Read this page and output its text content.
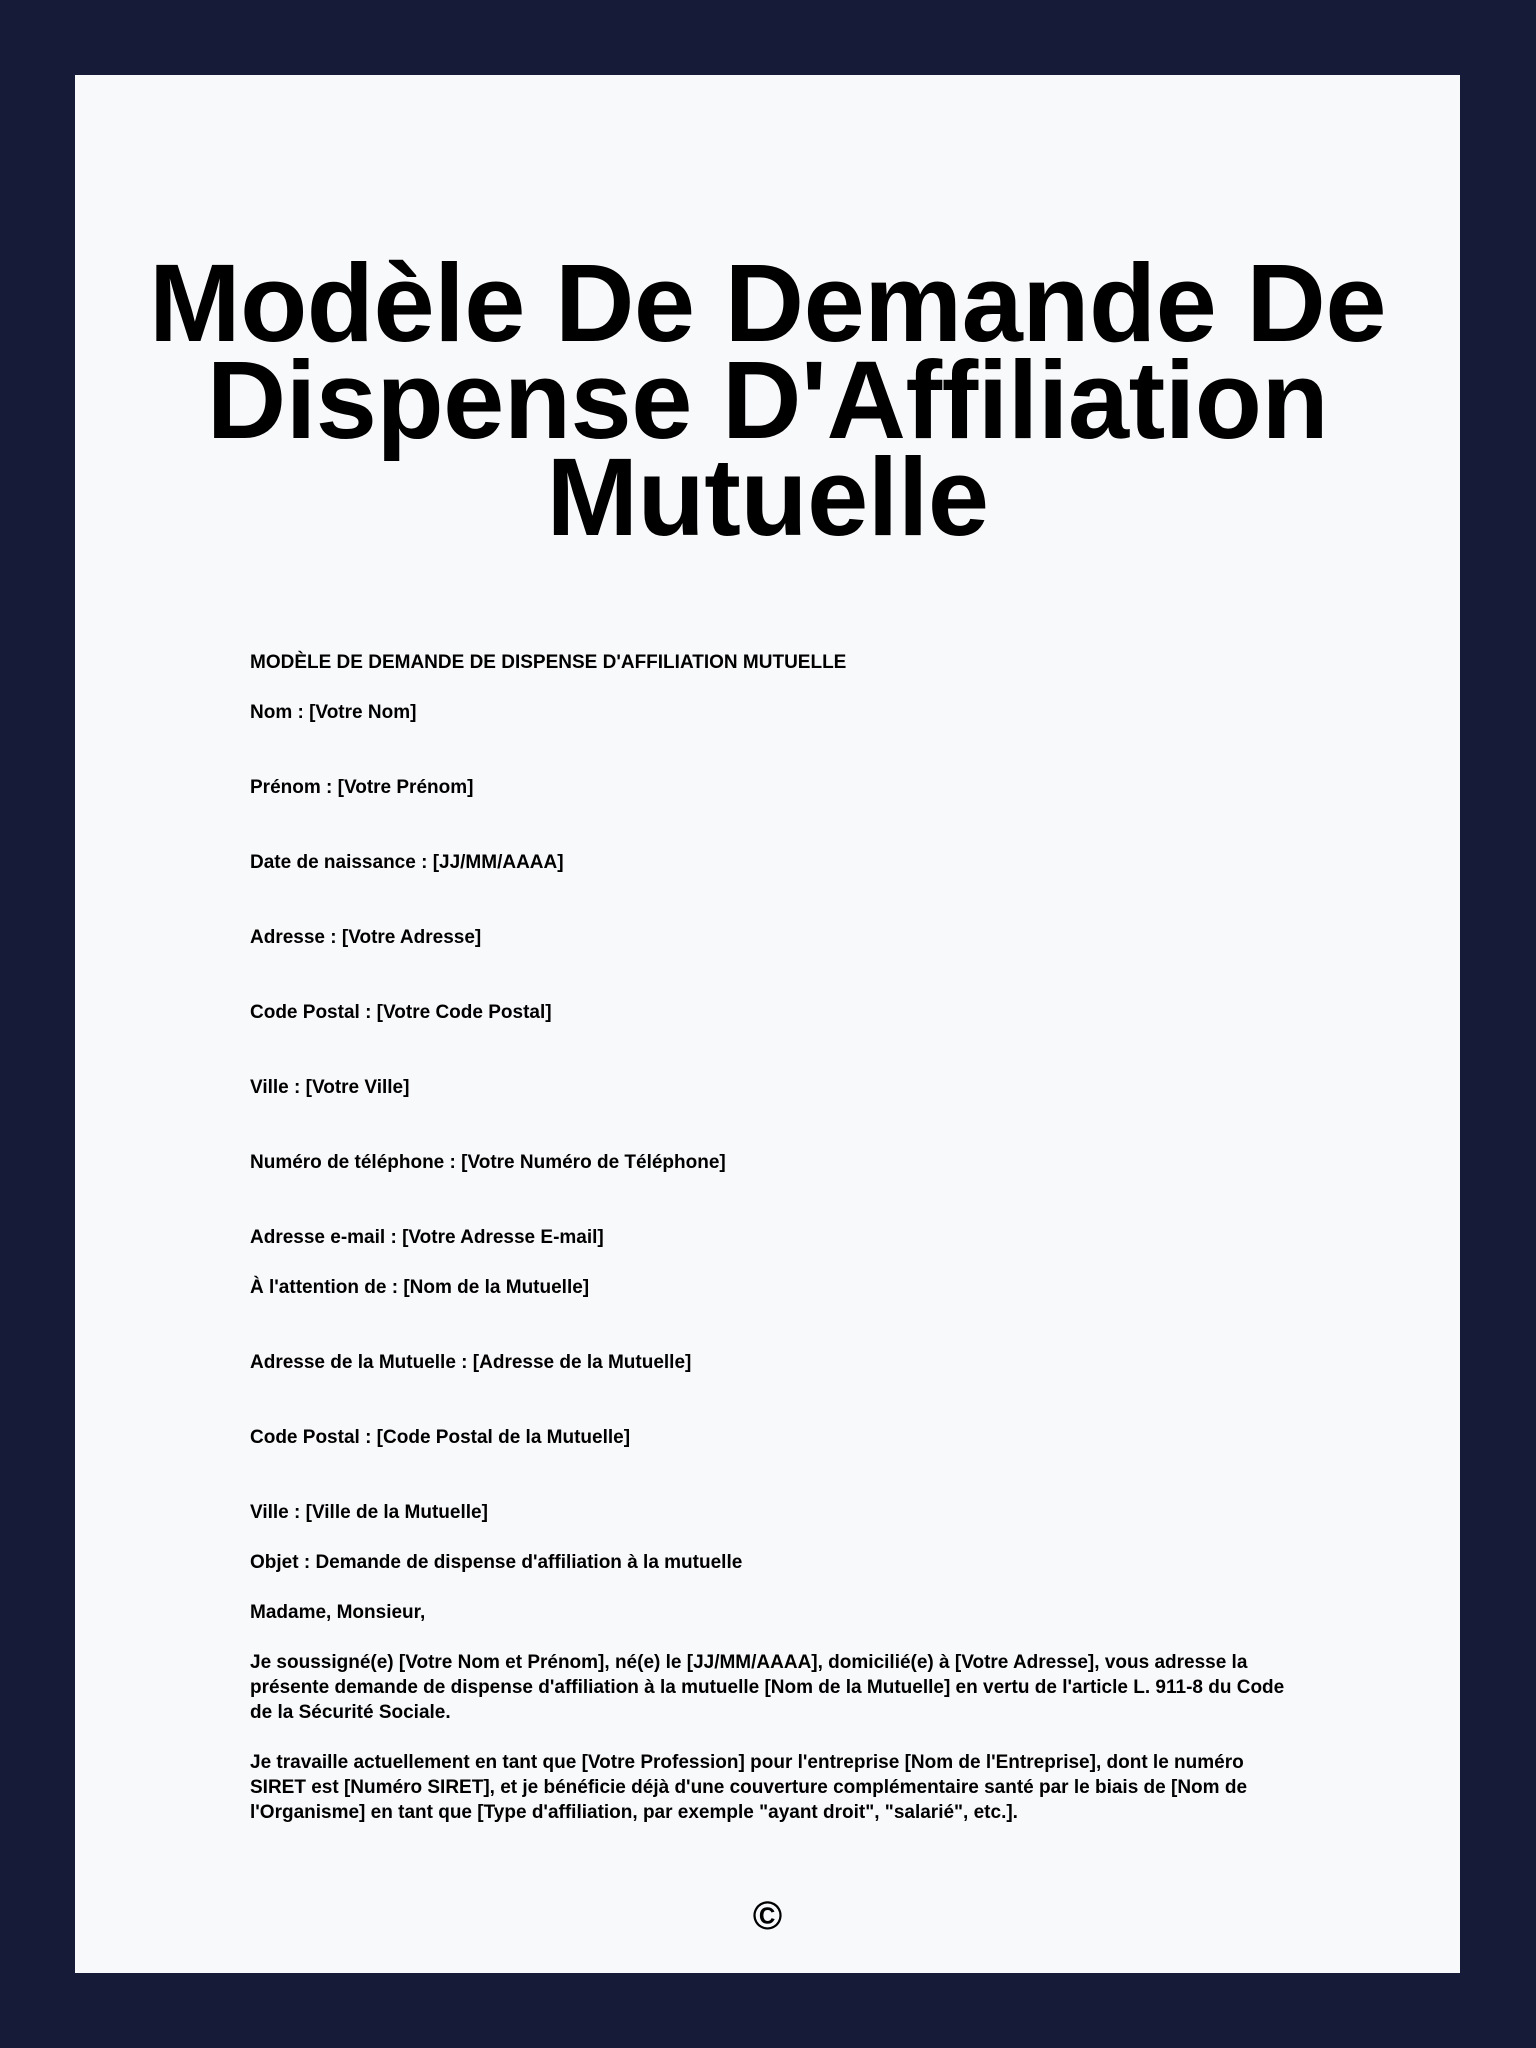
Modèle De Demande De
Dispense D'Affiliation
Mutuelle

MODÈLE DE DEMANDE DE DISPENSE D'AFFILIATION MUTUELLE

Nom : [Votre Nom]

Prénom : [Votre Prénom]

Date de naissance : [JJ/MM/AAAA]

Adresse : [Votre Adresse]

Code Postal : [Votre Code Postal]

Ville : [Votre Ville]

Numéro de téléphone : [Votre Numéro de Téléphone]

Adresse e-mail : [Votre Adresse E-mail]

À l'attention de : [Nom de la Mutuelle]

Adresse de la Mutuelle : [Adresse de la Mutuelle]

Code Postal : [Code Postal de la Mutuelle]

Ville : [Ville de la Mutuelle]

Objet : Demande de dispense d'affiliation à la mutuelle

Madame, Monsieur,

Je soussigné(e) [Votre Nom et Prénom], né(e) le [JJ/MM/AAAA], domicilié(e) à [Votre Adresse], vous adresse la présente demande de dispense d'affiliation à la mutuelle [Nom de la Mutuelle] en vertu de l'article L. 911-8 du Code de la Sécurité Sociale.

Je travaille actuellement en tant que [Votre Profession] pour l'entreprise [Nom de l'Entreprise], dont le numéro SIRET est [Numéro SIRET], et je bénéficie déjà d'une couverture complémentaire santé par le biais de [Nom de l'Organisme] en tant que [Type d'affiliation, par exemple "ayant droit", "salarié", etc.].

©
